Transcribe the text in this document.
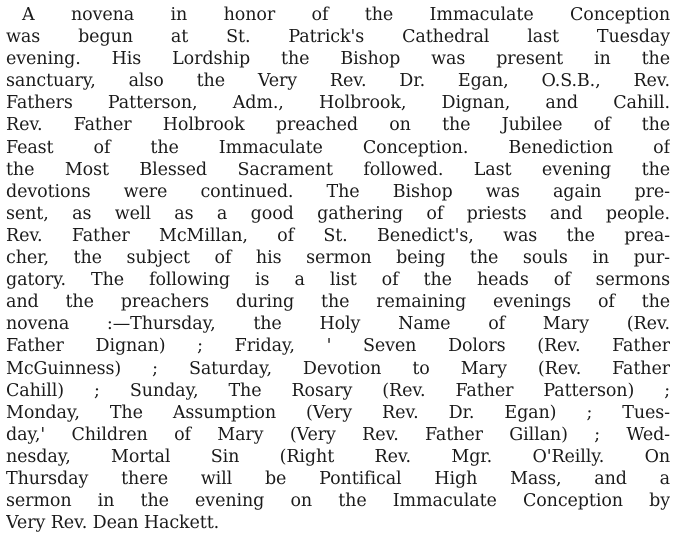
A novena in honor of the Immaculate Conception
was begun at St. Patrick's Cathedral last Tuesday
evening. His Lordship the Bishop was present in the
sanctuary, also the Very Rev. Dr. Egan, O.S.B., Rev.
Fathers Patterson, Adm., Holbrook, Dignan, and Cahill.
Rev. Father Holbrook preached on the Jubilee of the
Feast of the Immaculate Conception. Benediction of
the Most Blessed Sacrament followed. Last evening the
devotions were continued. The Bishop was again pre-
sent, as well as a good gathering of priests and people.
Rev. Father McMillan, of St. Benedict's, was the prea-
cher, the subject of his sermon being the souls in pur-
gatory. The following is a list of the heads of sermons
and the preachers during the remaining evenings of the
novena :—Thursday, the Holy Name of Mary (Rev.
Father Dignan) ; Friday, ' Seven Dolors (Rev. Father
McGuinness) ; Saturday, Devotion to Mary (Rev. Father
Cahill) ; Sunday, The Rosary (Rev. Father Patterson) ;
Monday, The Assumption (Very Rev. Dr. Egan) ; Tues-
day,' Children of Mary (Very Rev. Father Gillan) ; Wed-
nesday, Mortal Sin (Right Rev. Mgr. O'Reilly. On
Thursday there will be Pontifical High Mass, and a
sermon in the evening on the Immaculate Conception by
Very Rev. Dean Hackett.
